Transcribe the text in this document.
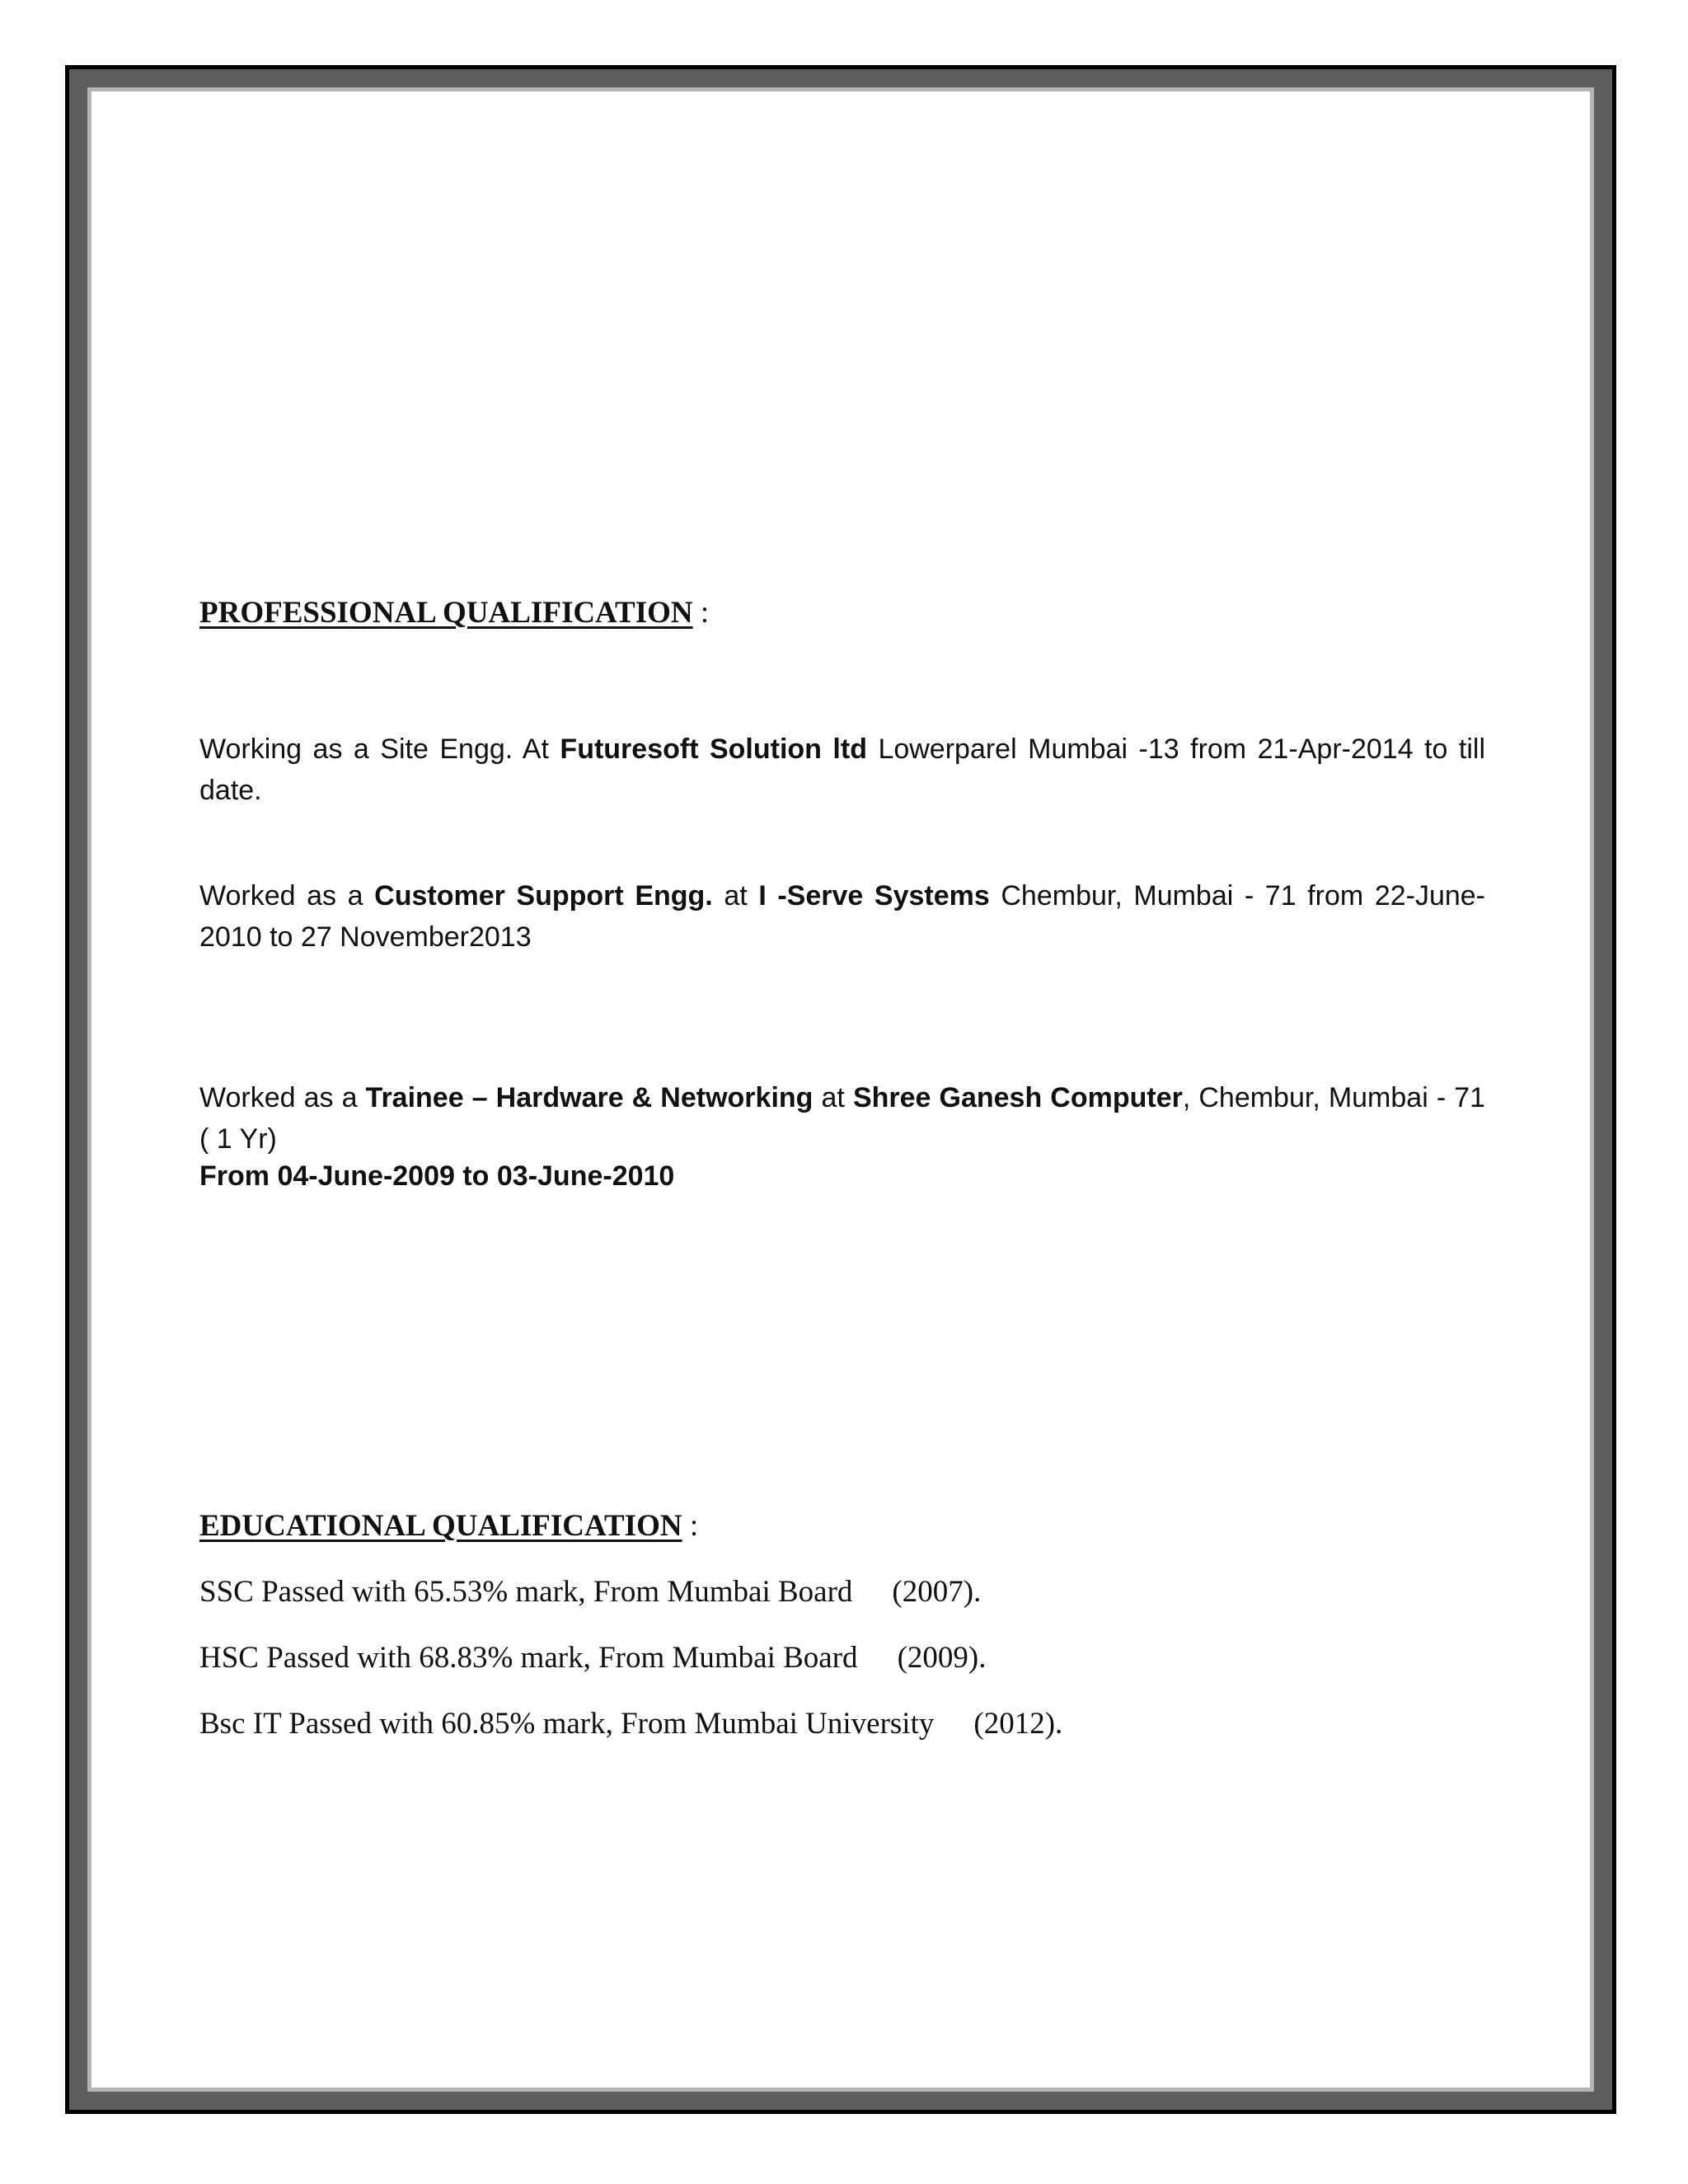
PROFESSIONAL QUALIFICATION :
Working as a Site Engg. At Futuresoft Solution ltd Lowerparel Mumbai -13 from 21-Apr-2014 to till date.
Worked as a Customer Support Engg. at I -Serve Systems Chembur, Mumbai - 71 from 22-June-2010 to 27 November2013
Worked as a Trainee – Hardware & Networking at Shree Ganesh Computer, Chembur, Mumbai - 71 ( 1 Yr)
From 04-June-2009 to 03-June-2010
EDUCATIONAL QUALIFICATION :
SSC Passed with 65.53% mark, From Mumbai Board (2007).
HSC Passed with 68.83% mark, From Mumbai Board (2009).
Bsc IT Passed with 60.85% mark, From Mumbai University (2012).
